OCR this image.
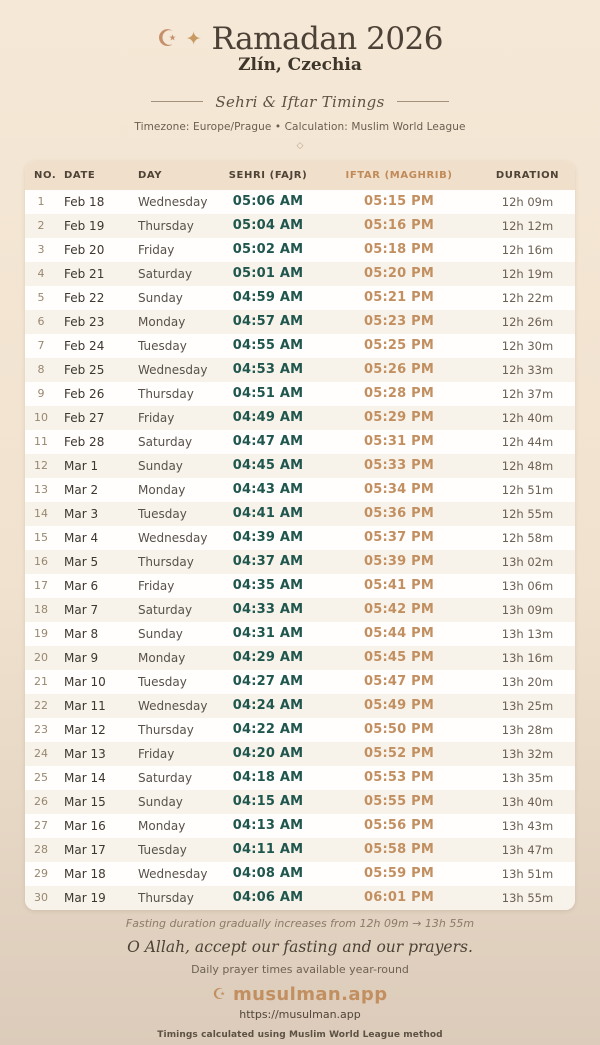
☪ ✦ Ramadan 2026
Zlín, Czechia
Sehri & Iftar Timings
Timezone: Europe/Prague • Calculation: Muslim World League
◇
NO.	DATE	DAY	SEHRI (FAJR)	IFTAR (MAGHRIB)	DURATION
1	Feb 18	Wednesday	05:06 AM	05:15 PM	12h 09m
2	Feb 19	Thursday	05:04 AM	05:16 PM	12h 12m
3	Feb 20	Friday	05:02 AM	05:18 PM	12h 16m
4	Feb 21	Saturday	05:01 AM	05:20 PM	12h 19m
5	Feb 22	Sunday	04:59 AM	05:21 PM	12h 22m
6	Feb 23	Monday	04:57 AM	05:23 PM	12h 26m
7	Feb 24	Tuesday	04:55 AM	05:25 PM	12h 30m
8	Feb 25	Wednesday	04:53 AM	05:26 PM	12h 33m
9	Feb 26	Thursday	04:51 AM	05:28 PM	12h 37m
10	Feb 27	Friday	04:49 AM	05:29 PM	12h 40m
11	Feb 28	Saturday	04:47 AM	05:31 PM	12h 44m
12	Mar 1	Sunday	04:45 AM	05:33 PM	12h 48m
13	Mar 2	Monday	04:43 AM	05:34 PM	12h 51m
14	Mar 3	Tuesday	04:41 AM	05:36 PM	12h 55m
15	Mar 4	Wednesday	04:39 AM	05:37 PM	12h 58m
16	Mar 5	Thursday	04:37 AM	05:39 PM	13h 02m
17	Mar 6	Friday	04:35 AM	05:41 PM	13h 06m
18	Mar 7	Saturday	04:33 AM	05:42 PM	13h 09m
19	Mar 8	Sunday	04:31 AM	05:44 PM	13h 13m
20	Mar 9	Monday	04:29 AM	05:45 PM	13h 16m
21	Mar 10	Tuesday	04:27 AM	05:47 PM	13h 20m
22	Mar 11	Wednesday	04:24 AM	05:49 PM	13h 25m
23	Mar 12	Thursday	04:22 AM	05:50 PM	13h 28m
24	Mar 13	Friday	04:20 AM	05:52 PM	13h 32m
25	Mar 14	Saturday	04:18 AM	05:53 PM	13h 35m
26	Mar 15	Sunday	04:15 AM	05:55 PM	13h 40m
27	Mar 16	Monday	04:13 AM	05:56 PM	13h 43m
28	Mar 17	Tuesday	04:11 AM	05:58 PM	13h 47m
29	Mar 18	Wednesday	04:08 AM	05:59 PM	13h 51m
30	Mar 19	Thursday	04:06 AM	06:01 PM	13h 55m
Fasting duration gradually increases from 12h 09m → 13h 55m
O Allah, accept our fasting and our prayers.
Daily prayer times available year-round
☪ musulman.app
https://musulman.app
Timings calculated using Muslim World League method
